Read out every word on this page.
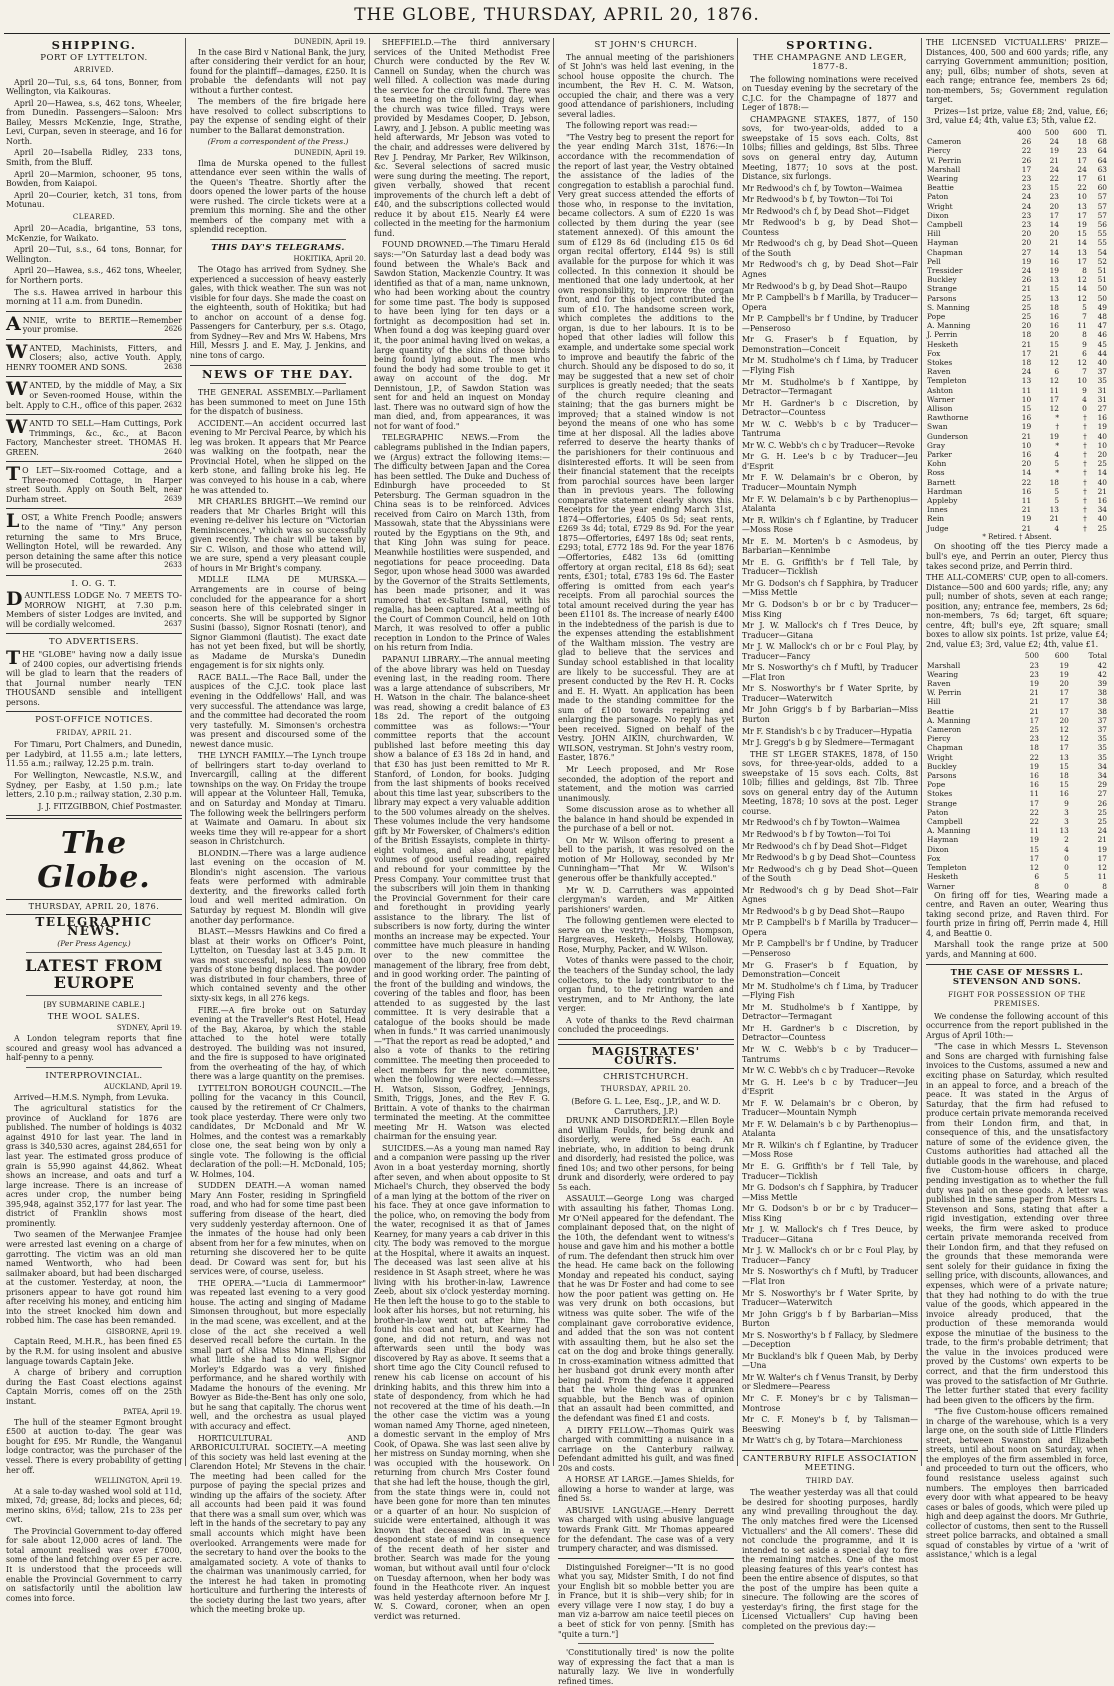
THE GLOBE, THURSDAY, APRIL 20, 1876.
SHIPPING.
PORT OF LYTTELTON.
ARRIVED.
April 20—Tui, s.s, 64 tons, Bonner, from Wellington, via Kaikouras.
April 20—Hawea, s.s, 462 tons, Wheeler, from Dunedin. Passengers—Saloon: Mrs Bailey, Messrs McKenzie, Inge, Strathe, Levi, Curpan, seven in steerage, and 16 for North.
April 20—Isabella Ridley, 233 tons, Smith, from the Bluff.
April 20—Marmion, schooner, 95 tons, Bowden, from Kaiapoi.
April 20—Courier, ketch, 31 tons, from Motunau.
CLEARED.
April 20—Acadia, brigantine, 53 tons, McKenzie, for Waikato.
April 20—Tui, s.s., 64 tons, Bonnar, for Wellington.
April 20—Hawea, s.s., 462 tons, Wheeler, for Northern ports.
The s.s. Hawea arrived in harbour this morning at 11 a.m. from Dunedin.
ANNIE, write to BERTIE—Remember your promise.	2626
WANTED, Machinists, Fitters, and Closers; also, active Youth. Apply, HENRY TOOMER AND SONS.	2638
WANTED, by the middle of May, a Six or Seven-roomed House, within the belt. Apply to C.H., office of this paper. 2632
WANTD TO SELL—Ham Cuttings, Pork Trimmings, &c., &c., at Bacon Factory, Manchester street. THOMAS H. GREEN.	2640
TO LET—Six-roomed Cottage, and a Three-roomed Cottage, in Harper street South. Apply on South Belt, near Durham street.	2639
LOST, a White French Poodle; answers to the name of "Tiny." Any person returning the same to Mrs Bruce, Wellington Hotel, will be rewarded. Any person detaining the same after this notice will be prosecuted.	2633
I. O. G. T.
DAUNTLESS LODGE No. 7 MEETS TO-MORROW NIGHT, at 7.30 p.m. Members of sister Lodges are invited, and will be cordially welcomed.	2637
TO ADVERTISERS.
THE "GLOBE" having now a daily issue of 2400 copies, our advertising friends will be glad to learn that the readers of that Journal number nearly TEN THOUSAND sensible and intelligent persons.
POST-OFFICE NOTICES.
FRIDAY, APRIL 21.
For Timaru, Port Chalmers, and Dunedin, per Ladybird, at 11.55 a.m.; late letters, 11.55 a.m.; railway, 12.25 p.m. train.
For Wellington, Newcastle, N.S.W., and Sydney, per Easby, at 1.50 p.m.; late letters, 2.10 p.m.; railway station, 2.30 p.m.
J. J. FITZGIBBON, Chief Postmaster.
The Globe.
THURSDAY, APRIL 20, 1876.
TELEGRAPHIC NEWS.
(Per Press Agency.)
LATEST FROM EUROPE
[BY SUBMARINE CABLE.]
THE WOOL SALES.
SYDNEY, April 19.
A London telegram reports that fine scoured and greasy wool has advanced a half-penny to a penny.
INTERPROVINCIAL.
AUCKLAND, April 19.
Arrived—H.M.S. Nymph, from Levuka.
The agricultural statistics for the province of Auckland for 1876 are published. The number of holdings is 4032 against 4910 for last year. The land in grass is 340,530 acres, against 284,651 for last year. The estimated gross produce of grain is 55,990 against 44,862. Wheat shows an increase, and oats and turf a large increase. There is an increase of acres under crop, the number being 395,948, against 352,177 for last year. The district of Franklin shows most prominently.
Two seamen of the Merwanjee Framjee were arrested last evening on a charge of garrotting. The victim was an old man named Wentworth, who had been sailmaker aboard, but had been discharged at the customer. Yesterday, at noon, the prisoners appear to have got round him after receiving his money, and enticing him into the street knocked him down and robbed him. The case has been remanded.
GISBORNE, April 19.
Captain Reed, M.H.R., has been fined £5 by the R.M. for using insolent and abusive language towards Captain Jeke.
A charge of bribery and corruption during the East Coast elections against Captain Morris, comes off on the 25th instant.
PATEA, April 19.
The hull of the steamer Egmont brought £500 at auction to-day. The gear was bought for £95. Mr Rundle, the Wanganui lodge contractor, was the purchaser of the vessel. There is every probability of getting her off.
WELLINGTON, April 19.
At a sale to-day washed wool sold at 11d, mixed, 7d; grease, 8d; locks and pieces, 6d; merino skins, 6½d; tallow, 21s to 23s per cwt.
The Provincial Government to-day offered for sale about 12,000 acres of land. The total amount realised was over £7000, some of the land fetching over £5 per acre. It is understood that the proceeds will enable the Provincial Government to carry on satisfactorily until the abolition law comes into force.
DUNEDIN, April 19.
In the case Bird v National Bank, the jury, after considering their verdict for an hour, found for the plaintiff—damages, £250. It is probable the defendants will not pay without a further contest.
The members of the fire brigade here have resolved to collect subscriptions to pay the expense of sending eight of their number to the Ballarat demonstration.
(From a correspondent of the Press.)
DUNEDIN, April 19.
Ilma de Murska opened to the fullest attendance ever seen within the walls of the Queen's Theatre. Shortly after the doors opened the lower parts of the house were rushed. The circle tickets were at a premium this morning. She and the other members of the company met with a splendid reception.
THIS DAY'S TELEGRAMS.
HOKITIKA, April 20.
The Otago has arrived from Sydney. She experienced a succession of heavy easterly gales, with thick weather. The sun was not visible for four days. She made the coast on the eighteenth, south of Hokitika; but had to anchor on account of a dense fog. Passengers for Canterbury, per s.s. Otago, from Sydney—Rev and Mrs W. Habens, Mrs Hill, Messrs J. and E. May, J. Jenkins, and nine tons of cargo.
NEWS OF THE DAY.
THE GENERAL ASSEMBLY.—Parliament has been summoned to meet on June 15th for the dispatch of business.
ACCIDENT.—An accident occurred last evening to Mr Percival Pearce, by which his leg was broken. It appears that Mr Pearce was walking on the footpath, near the Provincial Hotel, when he slipped on the kerb stone, and falling broke his leg. He was conveyed to his house in a cab, where he was attended to.
MR CHARLES BRIGHT.—We remind our readers that Mr Charles Bright will this evening re-deliver his lecture on "Victorian Reminiscences," which was so successfully given recently. The chair will be taken by Sir C. Wilson, and those who attend will, we are sure, spend a very pleasant couple of hours in Mr Bright's company.
MDLLE ILMA DE MURSKA.—Arrangements are in course of being concluded for the appearance for a short season here of this celebrated singer in concerts. She will be supported by Signor Susini (basso), Signor Rosnati (tenor), and Signor Giammoni (flautist). The exact date has not yet been fixed, but will be shortly, as Madame de Murska's Dunedin engagement is for six nights only.
RACE BALL.—The Race Ball, under the auspices of the C.J.C. took place last evening in the Oddfellows' Hall, and was very successful. The attendance was large, and the committee had decorated the room very tastefully. M. Simonsen's orchestra was present and discoursed some of the newest dance music.
THE LYNCH FAMILY.—The Lynch troupe of bellringers start to-day overland to Invercargill, calling at the different townships on the way. On Friday the troupe will appear at the Volunteer Hall, Temuka, and on Saturday and Monday at Timaru. The following week the bellringers perform at Waimate and Oamaru. In about six weeks time they will re-appear for a short season in Christchurch.
BLONDIN.—There was a large audience last evening on the occasion of M. Blondin's night ascension. The various feats were performed with admirable dexterity, and the fireworks called forth loud and well merited admiration. On Saturday by request M. Blondin will give another day performance.
BLAST.—Messrs Hawkins and Co fired a blast at their works on Officer's Point, Lyttelton, on Tuesday last at 3.45 p.m. It was most successful, no less than 40,000 yards of stone being displaced. The powder was distributed in four chambers, three of which contained seventy and the other sixty-six kegs, in all 276 kegs.
FIRE.—A fire broke out on Saturday evening at the Traveller's Rest Hotel, Head of the Bay, Akaroa, by which the stable attached to the hotel were totally destroyed. The building was not insured, and the fire is supposed to have originated from the overheating of the hay, of which there was a large quantity on the premises.
LYTTELTON BOROUGH COUNCIL.—The polling for the vacancy in this Council, caused by the retirement of Cr Chalmers, took place yesterday. There were only two candidates, Dr McDonald and Mr W. Holmes, and the contest was a remarkably close one, the seat being won by only a single vote. The following is the official declaration of the poll:—H. McDonald, 105; W. Holmes, 104.
SUDDEN DEATH.—A woman named Mary Ann Foster, residing in Springfield road, and who had for some time past been suffering from disease of the heart, died very suddenly yesterday afternoon. One of the inmates of the house had only been absent from her for a few minutes, when on returning she discovered her to be quite dead. Dr Coward was sent for, but his services were, of course, useless.
THE OPERA.—"Lucia di Lammermoor" was repeated last evening to a very good house. The acting and singing of Madame Simonsen throughout, but more especially in the mad scene, was excellent, and at the close of the act she received a well deserved recall before the curtain. In the small part of Alisa Miss Minna Fisher did what little she had to do well, Signor Morley's Edgardo was a very finished performance, and he shared worthily with Madame the honours of the evening. Mr Bowyer as Bide-the-Bent has only one solo, but he sang that capitally. The chorus went well, and the orchestra as usual played with accuracy and effect.
HORTICULTURAL AND ARBORICULTURAL SOCIETY.—A meeting of this society was held last evening at the Clarendon Hotel; Mr Stevens in the chair. The meeting had been called for the purpose of paying the special prizes and winding up the affairs of the society. After all accounts had been paid it was found that there was a small sum over, which was left in the hands of the secretary to pay any small accounts which might have been overlooked. Arrangements were made for the secretary to hand over the books to the amalgamated society. A vote of thanks to the chairman was unanimously carried, for the interest he had taken in promoting horticulture and furthering the interests of the society during the last two years, after which the meeting broke up.
SHEFFIELD.—The third anniversary services of the United Methodist Free Church were conducted by the Rev W. Cannell on Sunday, when the church was well filled. A collection was made during the service for the circuit fund. There was a tea meeting on the following day, when the church was twice filled. Trays were provided by Mesdames Cooper, D. Jebson, Lawry, and J. Jebson. A public meeting was held afterwards, Mr Jebson was voted to the chair, and addresses were delivered by Rev J. Pendray, Mr Parker, Rev Wilkinson, &c. Several selections of sacred music were sung during the meeting. The report, given verbally, showed that recent improvements of the church left a debt of £40, and the subscriptions collected would reduce it by about £15. Nearly £4 were collected in the meeting for the harmonium fund.
FOUND DROWNED.—The Timaru Herald says:—"On Saturday last a dead body was found between the Whale's Back and Sawdon Station, Mackenzie Country. It was identified as that of a man, name unknown, who had been working about the country for some time past. The body is supposed to have been lying for ten days or a fortnight as decomposition had set in. When found a dog was keeping guard over it, the poor animal having lived on wekas, a large quantity of the skins of those birds being found lying about. The men who found the body had some trouble to get it away on account of the dog. Mr Dennistoun, J.P., of Sawdon Station was sent for and held an inquest on Monday last. There was no outward sign of how the man died, and, from appearances, it was not for want of food."
TELEGRAPHIC NEWS.—From the cablegrams published in the Indian papers, we (Argus) extract the following items:—The difficulty between Japan and the Corea has been settled. The Duke and Duchess of Edinburgh have proceeded to St Petersburg. The German squadron in the China seas is to be reinforced. Advices received from Cairo on March 13th, from Massowah, state that the Abyssinians were routed by the Egyptians on the 9th, and that King John was suing for peace. Meanwhile hostilities were suspended, and negotiations for peace proceeding. Data Segor, upon whose head 3000 was awarded by the Governor of the Straits Settlements, has been made prisoner, and it was rumored that ex-Sultan Ismail, with his regalia, has been captured. At a meeting of the Court of Common Council, held on 10th March, it was resolved to offer a public reception in London to the Prince of Wales on his return from India.
PAPANUI LIBRARY.—The annual meeting of the above library was held on Tuesday evening last, in the reading room. There was a large attendance of subscribers, Mr H. Watson in the chair. The balance-sheet was read, showing a credit balance of £3 18s 2d. The report of the outgoing committee was as follows:—"Your committee reports that the account published last before meeting this day show a balance of £3 18s 2d in hand, and that £30 has just been remitted to Mr R. Stanford, of London, for books. Judging from the last shipments of books received about this time last year, subscribers to the library may expect a very valuable addition to the 500 volumes already on the shelves. These volumes include the very handsome gift by Mr Fowersker, of Chalmers's edition of the British Essayists, complete in thirty-eight volumes, and also about eighty volumes of good useful reading, repaired and rebound for your committee by the Press Company. Your committee trust that the subscribers will join them in thanking the Provincial Government for their care and forethought in providing yearly assistance to the library. The list of subscribers is now forty, during the winter months an increase may be expected. Your committee have much pleasure in handing over to the new committee the management of the library, free from debt, and in good working order. The painting of the front of the building and windows, the covering of the tables and floor, has been attended to as suggested by the last committee. It is very desirable that a catalogue of the books should be made when in funds." It was carried unanimously—"That the report as read be adopted," and also a vote of thanks to the retiring committee. The meeting then proceeded to elect members for the new committee, when the following were elected:—Messrs H. Watson, Sisson, Godfrey, Jennings, Smith, Triggs, Jones, and the Rev F. G. Brittain. A vote of thanks to the chairman terminated the meeting. At the committee meeting Mr H. Watson was elected chairman for the ensuing year.
SUICIDES.—As a young man named Ray and a companion were passing up the river Avon in a boat yesterday morning, shortly after seven, and when about opposite to St Michael's Church, they observed the body of a man lying at the bottom of the river on his face. They at once gave information to the police, who, on removing the body from the water, recognised it as that of James Kearney, for many years a cab driver in this city. The body was removed to the morgue at the Hospital, where it awaits an inquest. The deceased was last seen alive at his residence in St Asaph street, where he was living with his brother-in-law, Lawrence Zeeb, about six o'clock yesterday morning. He then left the house to go to the stable to look after his horses, but not returning, his brother-in-law went out after him. The found his coat and hat, but Kearney had gone, and did not return, and was not afterwards seen until the body was discovered by Ray as above. It seems that a short time ago the City Council refused to renew his cab license on account of his drinking habits, and this threw him into a state of despondency, from which he had not recovered at the time of his death.—In the other case the victim was a young woman named Amy Thorne, aged nineteen, a domestic servant in the employ of Mrs Cook, of Opawa. She was last seen alive by her mistress on Sunday morning, when she was occupied with the housework. On returning from church Mrs Coster found that she had left the house, though the girl, from the state things were in, could not have been gone for more than ten minutes or a quarter of an hour. No suspicion of suicide were entertained, although it was known that deceased was in a very despondent state of mind in consequence of the recent death of her sister and brother. Search was made for the young woman, but without avail until four o'clock on Tuesday afternoon, when her body was found in the Heathcote river. An inquest was held yesterday afternoon before Mr J. W. S. Coward, coroner, when an open verdict was returned.
ST JOHN'S CHURCH.
The annual meeting of the parishioners of St John's was held last evening, in the school house opposite the church. The incumbent, the Rev H. C. M. Watson, occupied the chair, and there was a very good attendance of parishioners, including several ladies.
The following report was read:—
"The Vestry beg to present the report for the year ending March 31st, 1876:—In accordance with the recommendation of the report of last year, the Vestry obtained the assistance of the ladies of the congregation to establish a parochial fund. Very great success attended the efforts of those who, in response to the invitation, became collectors. A sum of £220 1s was collected by them during the year (see statement annexed). Of this amount the sum of £129 8s 6d (including £15 0s 6d organ recital offertory, £144 9s) is still available for the purpose for which it was collected. In this connexion it should be mentioned that one lady undertook, at her own responsibility, to improve the organ front, and for this object contributed the sum of £10. The handsome screen work, which completes the additions to the organ, is due to her labours. It is to be hoped that other ladies will follow this example, and undertake some special work to improve and beautify the fabric of the church. Should any be disposed to do so, it may be suggested that a new set of choir surplices is greatly needed; that the seats of the church require cleaning and staining; that the gas burners might be improved; that a stained window is not beyond the means of one who has some time at her disposal. All the ladies above referred to deserve the hearty thanks of the parishioners for their continuous and disinterested efforts. It will be seen from their financial statement that the receipts from parochial sources have been larger than in previous years. The following comparative statement clearly shows this. Receipts for the year ending March 31st, 1874—Offertories, £405 0s 5d; seat rents, £269 3s 4d; total, £729 8s 9d. For the year 1875—Offertories, £497 18s 0d; seat rents, £293; total, £772 18s 9d. For the year 1876—Offertories, £482 13s 6d (omitting offertory at organ recital, £18 8s 6d); seat rents, £301; total, £783 19s 6d. The Easter offering is omitted from each year's receipts. From all parochial sources the total amount received during the year has been £1101 8s. The increase of nearly £400 in the indebtedness of the parish is due to the expenses attending the establishment of the Waltham mission. The vestry are glad to believe that the services and Sunday school established in that locality are likely to be successful. They are at present conducted by the Rev H. R. Cocks and E. H. Wyatt. An application has been made to the standing committee for the sum of £100 towards repairing and enlarging the parsonage. No reply has yet been received. Signed on behalf of the Vestry. JOHN AIKIN, churchwarden, W. WILSON, vestryman. St John's vestry room, Easter, 1876."
Mr Leech proposed, and Mr Rose seconded, the adoption of the report and statement, and the motion was carried unanimously.
Some discussion arose as to whether all the balance in hand should be expended in the purchase of a bell or not.
On Mr W. Wilson offering to present a bell to the parish, it was resolved on the motion of Mr Holloway, seconded by Mr Cunningham—"That Mr W. Wilson's generous offer be thankfully accepted."
Mr W. D. Carruthers was appointed clergyman's warden, and Mr Aitken parishioners' warden.
The following gentlemen were elected to serve on the vestry:—Messrs Thompson, Hargreaves, Hesketh, Holsby, Holloway, Rose, Murphy, Packer, and W. Wilson.
Votes of thanks were passed to the choir, the teachers of the Sunday school, the lady collectors, to the lady contributor to the organ fund, to the retiring warden and vestrymen, and to Mr Anthony, the late verger.
A vote of thanks to the Revd chairman concluded the proceedings.
MAGISTRATES' COURTS.
CHRISTCHURCH.
THURSDAY, APRIL 20.
(Before G. L. Lee, Esq., J.P., and W. D. Carruthers, J.P.)
DRUNK AND DISORDERLY.—Ellen Boyle and William Foulds, for being drunk and disorderly, were fined 5s each. An inebriate, who, in addition to being drunk and disorderly, had resisted the police, was fined 10s; and two other persons, for being drunk and disorderly, were ordered to pay 5s each.
ASSAULT.—George Long was charged with assaulting his father, Thomas Long. Mr O'Neil appeared for the defendant. The complainant deposed that, on the night of the 10th, the defendant went to witness's house and gave him and his mother a bottle of rum. The defendant then struck him over the head. He came back on the following Monday and repeated his conduct, saying that he was Dr Foster and had come to see how the poor patient was getting on. He was very drunk on both occasions, but witness was quite sober. The wife of the complainant gave corroborative evidence, and added that the son was not content with assaulting them, but he also set the cat on the dog and broke things generally. In cross-examination witness admitted that her husband got drunk every month after being paid. From the defence it appeared that the whole thing was a drunken squabble, but the Bench was of opinion that an assault had been committed, and the defendant was fined £1 and costs.
A DIRTY FELLOW.—Thomas Quirk was charged with committing a nuisance in a carriage on the Canterbury railway. Defendant admitted his guilt, and was fined 20s and costs.
A HORSE AT LARGE.—James Shields, for allowing a horse to wander at large, was fined 5s.
ABUSIVE LANGUAGE.—Henry Derrett was charged with using abusive language towards Frank Gitt. Mr Thomas appeared for the defendant. The case was of a very trumpery character, and was dismissed.
Distinguished Foreigner—"It is no good what you say, Midster Smith, I do not find your English bit so mobble better you are in France, but it is shib—very shib; for in every village vere I now stay, I do buy a man viz a-barrow am naice teetil pieces on a beet of stick for von penny. [Smith has "quite a turn."]
'Constitutionally tired' is now the polite way of expressing the fact that a man is naturally lazy. We live in wonderfully refined times.
SPORTING.
THE CHAMPAGNE AND LEGER, 1877-8.
The following nominations were received on Tuesday evening by the secretary of the C.J.C. for the Champagne of 1877 and Leger of 1878:—
CHAMPAGNE STAKES, 1877, of 150 sovs, for two-year-olds, added to a sweepstake of 15 sovs each. Colts, 8st 10lbs; fillies and geldings, 8st 5lbs. Three sovs on general entry day, Autumn Meeting, 1877; 10 sovs at the post. Distance, six furlongs.
Mr Redwood's ch f, by Towton—Waimea
Mr Redwood's b f, by Towton—Toi Toi
Mr Redwood's ch f, by Dead Shot—Fidget
Mr Redwood's b g, by Dead Shot—Countess
Mr Redwood's ch g, by Dead Shot—Queen of the South
Mr Redwood's ch g, by Dead Shot—Fair Agnes
Mr Redwood's b g, by Dead Shot—Raupo
Mr P. Campbell's b f Marilla, by Traducer—Opera
Mr P. Campbell's br f Undine, by Traducer—Penseroso
Mr G. Fraser's b f Equation, by Demonstration—Conceit
Mr M. Studholme's ch f Lima, by Traducer—Flying Fish
Mr M. Studholme's b f Xantippe, by Detractor—Termagant
Mr H. Gardner's b c Discretion, by Detractor—Countess
Mr W. C. Webb's b c by Traducer—Tantruma
Mr W. C. Webb's ch c by Traducer—Revoke
Mr G. H. Lee's b c by Traducer—Jeu d'Esprit
Mr F. W. Delamain's br c Oberon, by Traducer—Mountain Nymph
Mr F. W. Delamain's b c by Parthenopius—Atalanta
Mr R. Wilkin's ch f Eglantine, by Traducer—Moss Rose
Mr E. M. Morten's b c Asmodeus, by Barbarian—Kennimbe
Mr E. G. Griffith's br f Tell Tale, by Traducer—Ticklish
Mr G. Dodson's ch f Sapphira, by Traducer—Miss Mettle
Mr G. Dodson's b or br c by Traducer—Miss King
Mr J. W. Mallock's ch f Tres Deuce, by Traducer—Gitana
Mr J. W. Mallock's ch or br c Foul Play, by Traducer—Fancy
Mr S. Nosworthy's ch f Muftl, by Traducer—Flat Iron
Mr S. Nosworthy's br f Water Sprite, by Traducer—Waterwitch
Mr John Grigg's b f by Barbarian—Miss Burton
Mr F. Standish's b c by Traducer—Hypatia
Mr J. Gregg's b g by Sledmere—Termagant
THE ST LEGER STAKES, 1878, of 150 sovs, for three-year-olds, added to a sweepstake of 15 sovs each. Colts, 8st 10lb; fillies and geldings, 8st 7lb. Three sovs on general entry day of the Autumn Meeting, 1878; 10 sovs at the post. Leger course.
Mr Redwood's ch f by Towton—Waimea
Mr Redwood's b f by Towton—Toi Toi
Mr Redwood's ch f by Dead Shot—Fidget
Mr Redwood's b g by Dead Shot—Countess
Mr Redwood's ch g by Dead Shot—Queen of the South
Mr Redwood's ch g by Dead Shot—Fair Agnes
Mr Redwood's b g by Dead Shot—Raupo
Mr P. Campbell's b f Marilla by Traducer—Opera
Mr P. Campbell's br f Undine, by Traducer—Penseroso
Mr G. Fraser's b f Equation, by Demonstration—Conceit
Mr M. Studholme's ch f Lima, by Traducer—Flying Fish
Mr M. Studholme's b f Xantippe, by Detractor—Termagant
Mr H. Gardner's b c Discretion, by Detractor—Countess
Mr W. C. Webb's b c by Traducer—Tantrums
Mr W. C. Webb's ch c by Traducer—Revoke
Mr G. H. Lee's b c by Traducer—Jeu d'Esprit
Mr F. W. Delamain's br c Oberon, by Traducer—Mountain Nymph
Mr F. W. Delamain's b c by Parthenopius—Atalanta
Mr R. Wilkin's ch f Eglantine, by Traducer—Moss Rose
Mr E. G. Griffith's br f Tell Tale, by Traducer—Ticklish
Mr G. Dodson's ch f Sapphira, by Traducer—Miss Mettle
Mr G. Dodson's b or br c by Traducer—Miss King
Mr J. W. Mallock's ch f Tres Deuce, by Traducer—Gitana
Mr J. W. Mallock's ch or br c Foul Play, by Traducer—Fancy
Mr S. Nosworthy's ch f Muftl, by Traducer—Flat Iron
Mr S. Nosworthy's br f Water Sprite, by Traducer—Waterwitch
Mr John Grigg's b f by Barbarian—Miss Burton
Mr S. Nosworthy's b f Fallacy, by Sledmere—Deception
Mr Buckland's blk f Queen Mab, by Derby—Una
Mr W. Walter's ch f Venus Transit, by Derby or Sledmere—Pearess
Mr C. F. Money's br c by Talisman—Montrose
Mr C. F. Money's b f, by Talisman—Beeswing
Mr Watt's ch g, by Totara—Marchioness
CANTERBURY RIFLE ASSOCIATION MEETING.
THIRD DAY.
The weather yesterday was all that could be desired for shooting purposes, hardly any wind prevailing throughout the day. The only matches fired were the Licensed Victuallers' and the All comers'. These did not conclude the programme, and it is intended to set aside a special day to fire the remaining matches. One of the most pleasing features of this year's contest has been the entire absence of disputes, so that the post of the umpire has been quite a sinecure. The following are the scores of yesterday's firing, the first stage for the Licensed Victuallers' Cup having been completed on the previous day:—
THE LICENSED VICTUALLERS' PRIZE—Distances, 400, 500 and 600 yards; rifle, any carrying Government ammunition; position, any; pull, 6lbs; number of shots, seven at each range; entrance fee, members 2s 6d; non-members, 5s; Government regulation target.
Prizes—1st prize, value £8; 2nd, value, £6; 3rd, value £4; 4th, value £3; 5th, value £2.
	400	500	600	Tl.
Cameron	26	24	18	68
Piercy	22	19	23	64
W. Perrin	26	21	17	64
Marshall	17	24	24	63
Wearing	23	22	17	61
Beattie	23	15	22	60
Paton	24	23	10	57
Wright	24	20	13	57
Dixon	23	17	17	57
Campbell	23	14	19	56
Hill	20	20	15	55
Hayman	20	21	14	55
Chapman	27	14	13	54
Pell	19	16	17	52
Tressider	24	19	8	51
Buckley	26	13	12	51
Strange	21	15	14	50
Parsons	25	13	12	50
S. Manning	25	18	5	49
Pope	25	16	7	48
A. Manning	20	16	11	47
J. Perrin	18	20	8	46
Hesketh	21	15	9	45
Fox	17	21	6	44
Stokes	18	12	12	40
Raven	24	6	7	37
Templeton	13	12	10	35
Ashton	11	11	9	31
Warner	10	17	4	31
Allison	15	12	0	27
Rawthorne	16	*	†	16
Swan	19	†	†	19
Gunderson	21	19	†	40
Gray	10	*	†	10
Parker	16	4	†	20
Kohn	20	5	†	25
Ross	14	*	†	14
Barnett	22	18	†	40
Hardman	16	5	†	21
Appleby	11	5	†	16
Innes	21	13	†	34
Rein	19	21	†	40
Judge	21	4	†	25
* Retired. † Absent.
On shooting off the ties Piercy made a bull's eye, and Perrin an outer, Piercy thus takes second prize, and Perrin third.
THE ALL-COMERS' CUP, open to all-comers. Distance—500 and 600 yards; rifle, any; any pull; number of shots, seven at each range; position, any; entrance fee, members, 2s 6d; non-members, 7s 6d; target, 6ft square; centre, 4ft; bull's eye, 2ft square; small boxes to allow six points. 1st prize, value £4; 2nd, value £3; 3rd, value £2; 4th, value £1.
	500	600	Total
Marshall	23	19	42
Wearing	23	19	42
Raven	19	20	39
W. Perrin	21	17	38
Hill	21	17	38
Beattie	21	17	38
A. Manning	17	20	37
Cameron	25	12	37
Piercy	23	12	35
Chapman	18	17	35
Wright	22	13	35
Buckley	19	15	34
Parsons	16	18	34
Pope	16	15	29
Stokes	11	16	27
Strange	17	9	26
Paton	22	3	25
Campbell	22	3	25
A. Manning	11	13	24
Hayman	19	2	21
Dixon	15	4	19
Fox	17	0	17
Templeton	12	0	12
Hesketh	6	5	11
Warner	8	0	8
On firing off for ties, Wearing made a centre, and Raven an outer, Wearing thus taking second prize, and Raven third. For fourth prize in firing off, Perrin made 4, Hill 4, and Beattie 0.
Marshall took the range prize at 500 yards, and Manning at 600.
THE CASE OF MESSRS L. STEVENSON AND SONS.
FIGHT FOR POSSESSION OF THE PREMISES.
We condense the following account of this occurrence from the report published in the Argus of April 10th:—
"The case in which Messrs L. Stevenson and Sons are charged with furnishing false invoices to the Customs, assumed a new and exciting phase on Saturday, which resulted in an appeal to force, and a breach of the peace. It was stated in the Argus of Saturday, that the firm had refused to produce certain private memoranda received from their London firm, and that, in consequence of this, and the unsatisfactory nature of some of the evidence given, the Customs authorities had attached all the dutiable goods in the warehouse, and placed five Custom-house officers in charge, pending investigation as to whether the full duty was paid on these goods. A letter was published in the same paper from Messrs L. Stevenson and Sons, stating that after a rigid investigation, extending over three weeks, the firm were asked to produce certain private memoranda received from their London firm, and that they refused on the grounds that these memoranda were sent solely for their guidance in fixing the selling price, with discounts, allowances, and expenses, which were of a private nature; that they had nothing to do with the true value of the goods, which appeared in the invoice already produced, that the production of these memoranda would expose the minutiae of the business to the trade, to the firm's probable detriment; that the value in the invoices produced were proved by the Customs' own experts to be correct, and that the firm understood this was proved to the satisfaction of Mr Guthrie. The letter further stated that every facility had been given to the officers by the firm.
"The five Custom-house officers remained in charge of the warehouse, which is a very large one, on the south side of Little Flinders street, between Swanston and Elizabeth streets, until about noon on Saturday, when the employes of the firm assembled in force, and proceeded to turn out the officers, who found resistance useless against such numbers. The employes then barricaded every door with what appeared to be heavy cases or bales of goods, which were piled up high and deep against the doors. Mr Guthrie, collector of customs, then sent to the Russell street police barracks, and obtained a small squad of constables by virtue of a 'writ of assistance,' which is a legal
